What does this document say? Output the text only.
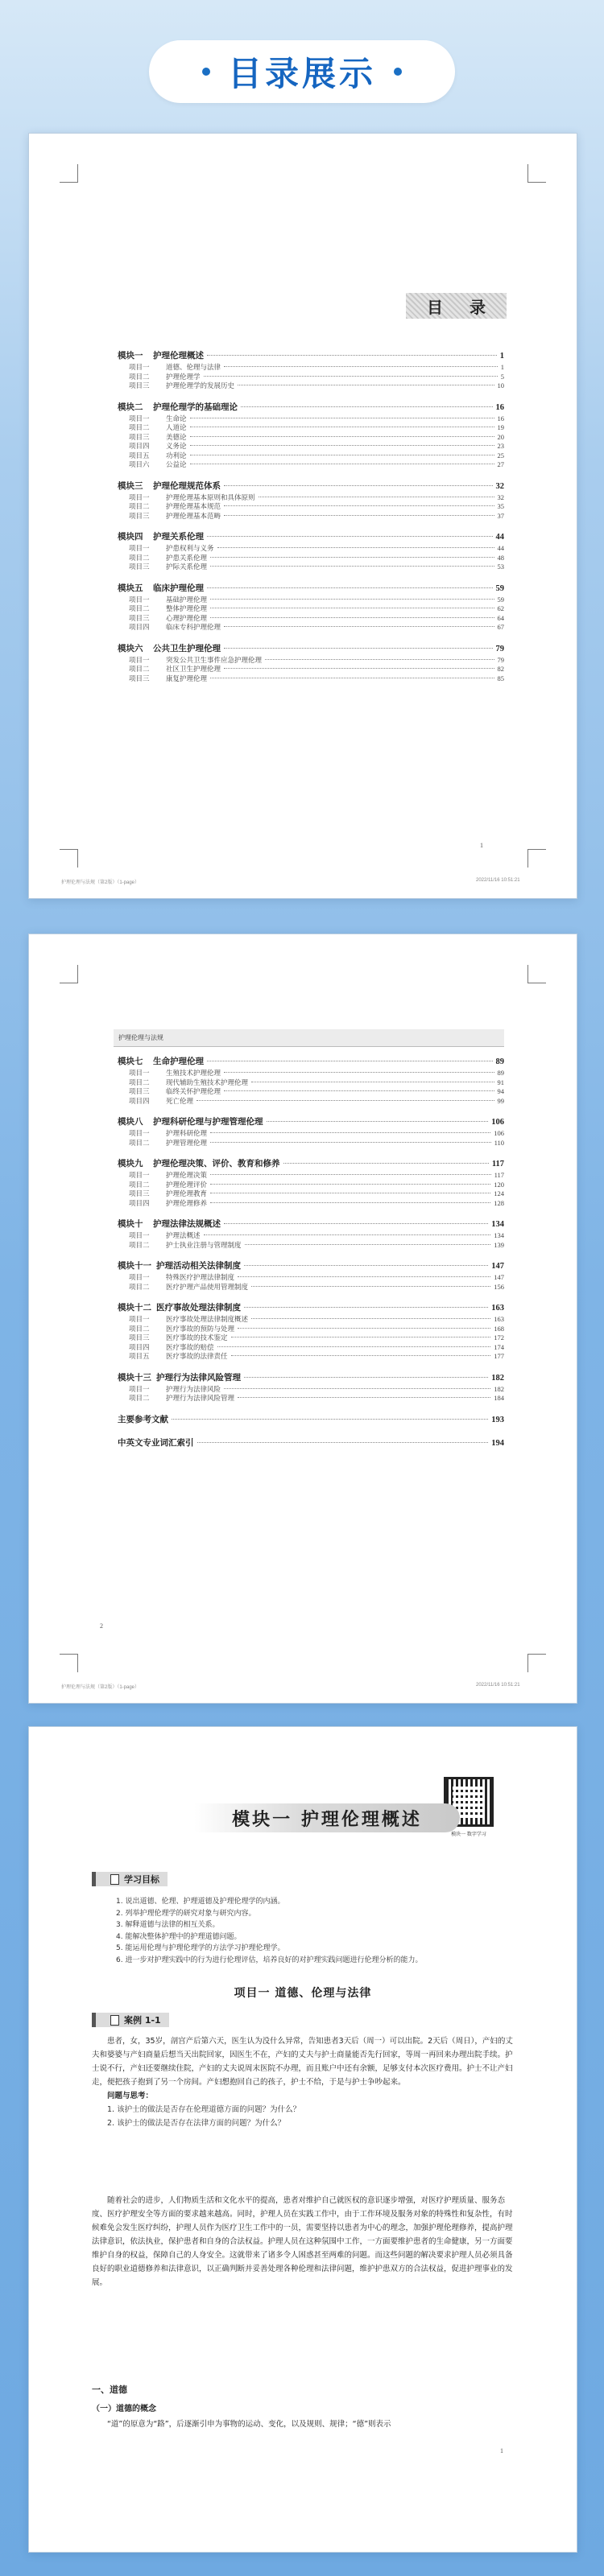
目录展示
目 录
模块一	护理伦理概述	1
项目一	道德、伦理与法律	1
项目二	护理伦理学	5
项目三	护理伦理学的发展历史	10
模块二	护理伦理学的基础理论	16
项目一	生命论	16
项目二	人道论	19
项目三	美德论	20
项目四	义务论	23
项目五	功利论	25
项目六	公益论	27
模块三	护理伦理规范体系	32
项目一	护理伦理基本原则和具体原则	32
项目二	护理伦理基本规范	35
项目三	护理伦理基本范畴	37
模块四	护理关系伦理	44
项目一	护患权利与义务	44
项目二	护患关系伦理	48
项目三	护际关系伦理	53
模块五	临床护理伦理	59
项目一	基础护理伦理	59
项目二	整体护理伦理	62
项目三	心理护理伦理	64
项目四	临床专科护理伦理	67
模块六	公共卫生护理伦理	79
项目一	突发公共卫生事件应急护理伦理	79
项目二	社区卫生护理伦理	82
项目三	康复护理伦理	85
1
护理伦理与法规（第2版）（1-page）	2022/11/16 10:51:21
护理伦理与法规
模块七	生命护理伦理	89
项目一	生殖技术护理伦理	89
项目二	现代辅助生殖技术护理伦理	91
项目三	临终关怀护理伦理	94
项目四	死亡伦理	99
模块八	护理科研伦理与护理管理伦理	106
项目一	护理科研伦理	106
项目二	护理管理伦理	110
模块九	护理伦理决策、评价、教育和修养	117
项目一	护理伦理决策	117
项目二	护理伦理评价	120
项目三	护理伦理教育	124
项目四	护理伦理修养	128
模块十	护理法律法规概述	134
项目一	护理法概述	134
项目二	护士执业注册与管理制度	139
模块十一 护理活动相关法律制度	147
项目一	特殊医疗护理法律制度	147
项目二	医疗护理产品使用管理制度	156
模块十二 医疗事故处理法律制度	163
项目一	医疗事故处理法律制度概述	163
项目二	医疗事故的预防与处理	168
项目三	医疗事故的技术鉴定	172
项目四	医疗事故的赔偿	174
项目五	医疗事故的法律责任	177
模块十三 护理行为法律风险管理	182
项目一	护理行为法律风险	182
项目二	护理行为法律风险管理	184
主要参考文献	193
中英文专业词汇索引	194
2
护理伦理与法规（第2版）（1-page）	2022/11/16 10:51:21
模块一 数字学习
模块一 护理伦理概述
学习目标

1. 说出道德、伦理、护理道德及护理伦理学的内涵。

2. 列举护理伦理学的研究对象与研究内容。

3. 解释道德与法律的相互关系。

4. 能解决整体护理中的护理道德问题。

5. 能运用伦理与护理伦理学的方法学习护理伦理学。

6. 进一步对护理实践中的行为进行伦理评估，培养良好的对护理实践问题进行伦理分析的能力。

项目一 道德、伦理与法律
案例 1-1

患者，女，35岁，剖宫产后第六天，医生认为没什么异常，告知患者3天后（周一）可以出院。2天后（周日），产妇的丈夫和婆婆与产妇商量后想当天出院回家，因医生不在，产妇的丈夫与护士商量能否先行回家，等周一再回来办理出院手续。护士说不行，产妇还要继续住院，产妇的丈夫说周末医院不办理，而且账户中还有余额，足够支付本次医疗费用。护士不让产妇走，便把孩子抱到了另一个房间。产妇想抱回自己的孩子，护士不给，于是与护士争吵起来。

问题与思考：

1. 该护士的做法是否存在伦理道德方面的问题？为什么？

2. 该护士的做法是否存在法律方面的问题？为什么？

随着社会的进步，人们物质生活和文化水平的提高，患者对维护自己就医权的意识逐步增强，对医疗护理质量、服务态度、医疗护理安全等方面的要求越来越高。同时，护理人员在实践工作中，由于工作环境及服务对象的特殊性和复杂性，有时候难免会发生医疗纠纷，护理人员作为医疗卫生工作中的一员，需要坚持以患者为中心的理念，加强护理伦理修养，提高护理法律意识，依法执业，保护患者和自身的合法权益。护理人员在这种氛围中工作，一方面要维护患者的生命健康，另一方面要维护自身的权益，保障自己的人身安全。这就带来了诸多令人困惑甚至两难的问题。而这些问题的解决要求护理人员必须具备良好的职业道德修养和法律意识，以正确判断并妥善处理各种伦理和法律问题，维护护患双方的合法权益，促进护理事业的发展。

一、道德
（一）道德的概念

“道”的原意为“路”，后逐渐引申为事物的运动、变化，以及规则、规律；“德”则表示

1
